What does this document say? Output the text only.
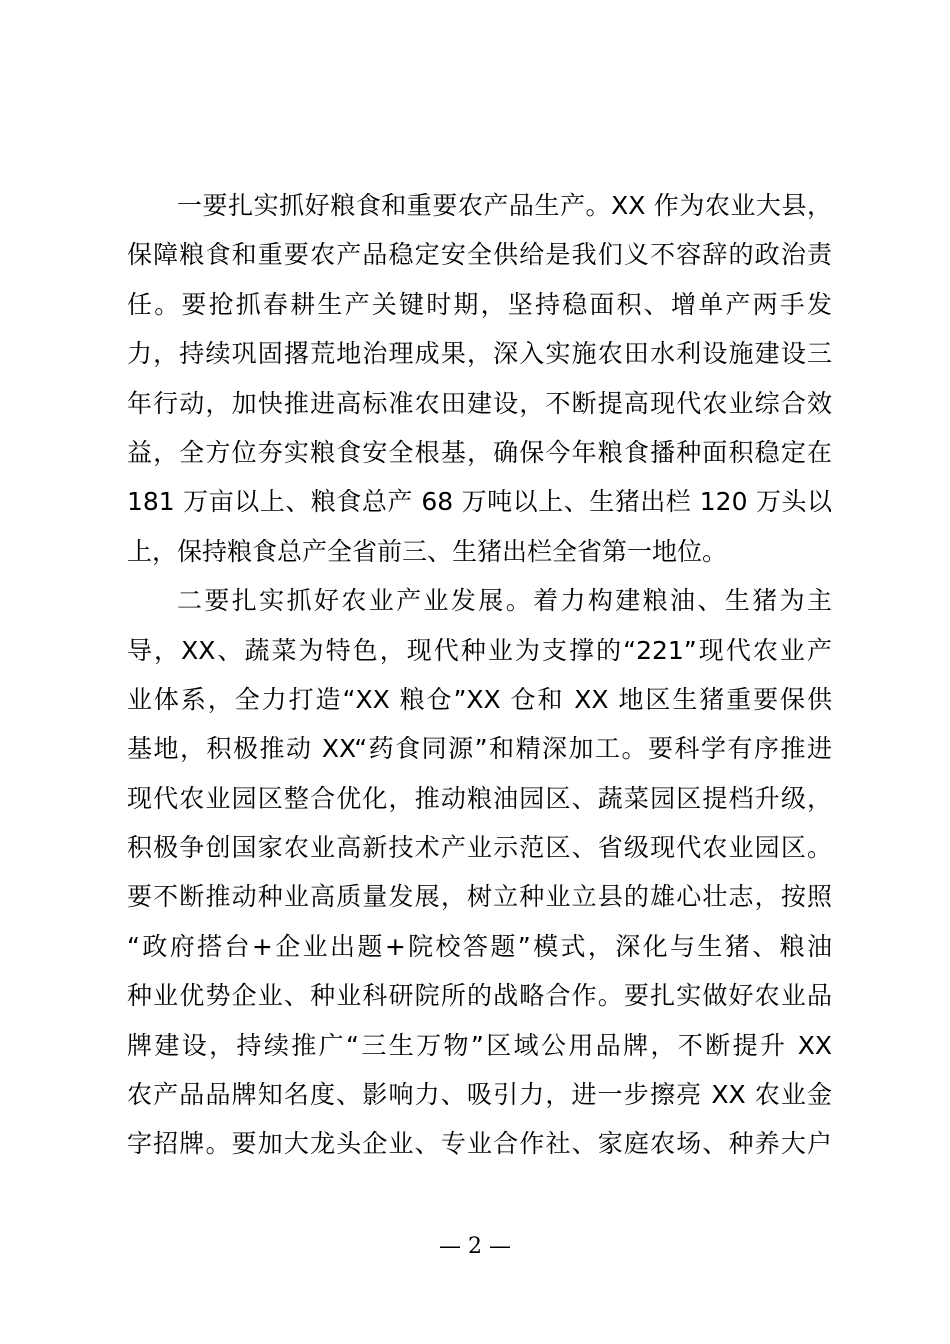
一要扎实抓好粮食和重要农产品生产。XX 作为农业大县，
保障粮食和重要农产品稳定安全供给是我们义不容辞的政治责
任。要抢抓春耕生产关键时期，坚持稳面积、增单产两手发
力，持续巩固撂荒地治理成果，深入实施农田水利设施建设三
年行动，加快推进高标准农田建设，不断提高现代农业综合效
益，全方位夯实粮食安全根基，确保今年粮食播种面积稳定在
181 万亩以上、粮食总产 68 万吨以上、生猪出栏 120 万头以
上，保持粮食总产全省前三、生猪出栏全省第一地位。
二要扎实抓好农业产业发展。着力构建粮油、生猪为主
导，XX、蔬菜为特色，现代种业为支撑的“221”现代农业产
业体系，全力打造“XX 粮仓”XX 仓和 XX 地区生猪重要保供
基地，积极推动 XX“药食同源”和精深加工。要科学有序推进
现代农业园区整合优化，推动粮油园区、蔬菜园区提档升级，
积极争创国家农业高新技术产业示范区、省级现代农业园区。
要不断推动种业高质量发展，树立种业立县的雄心壮志，按照
“政府搭台+企业出题+院校答题”模式，深化与生猪、粮油
种业优势企业、种业科研院所的战略合作。要扎实做好农业品
牌建设，持续推广“三生万物”区域公用品牌，不断提升 XX
农产品品牌知名度、影响力、吸引力，进一步擦亮 XX 农业金
字招牌。要加大龙头企业、专业合作社、家庭农场、种养大户
— 2 —
